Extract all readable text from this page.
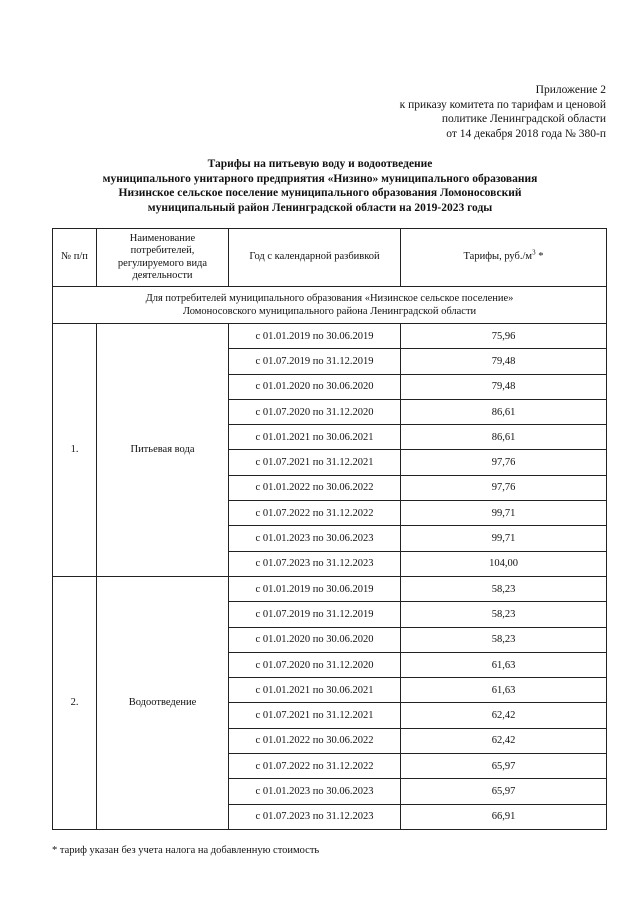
Приложение 2
к приказу комитета по тарифам и ценовой
политике Ленинградской области
от 14 декабря 2018 года № 380-п
Тарифы на питьевую воду и водоотведение
муниципального унитарного предприятия «Низино» муниципального образования
Низинское сельское поселение муниципального образования Ломоносовский
муниципальный район Ленинградской области на 2019-2023 годы
№ п/п	Наименование потребителей, регулируемого вида деятельности	Год с календарной разбивкой	Тарифы, $руб./м^3$ *

Для потребителей муниципального образования «Низинское сельское поселение»
Ломоносовского муниципального района Ленинградской области			

1.	Питьевая вода	с 01.01.2019 по 30.06.2019	75,96
		с 01.07.2019 по 31.12.2019	79,48
		с 01.01.2020 по 30.06.2020	79,48
		с 01.07.2020 по 31.12.2020	86,61
		с 01.01.2021 по 30.06.2021	86,61
		с 01.07.2021 по 31.12.2021	97,76
		с 01.01.2022 по 30.06.2022	97,76
		с 01.07.2022 по 31.12.2022	99,71
		с 01.01.2023 по 30.06.2023	99,71
		с 01.07.2023 по 31.12.2023	104,00
2.	Водоотведение	с 01.01.2019 по 30.06.2019	58,23
		с 01.07.2019 по 31.12.2019	58,23
		с 01.01.2020 по 30.06.2020	58,23
		с 01.07.2020 по 31.12.2020	61,63
		с 01.01.2021 по 30.06.2021	61,63
		с 01.07.2021 по 31.12.2021	62,42
		с 01.01.2022 по 30.06.2022	62,42
		с 01.07.2022 по 31.12.2022	65,97
		с 01.01.2023 по 30.06.2023	65,97
		с 01.07.2023 по 31.12.2023	66,91
* тариф указан без учета налога на добавленную стоимость
